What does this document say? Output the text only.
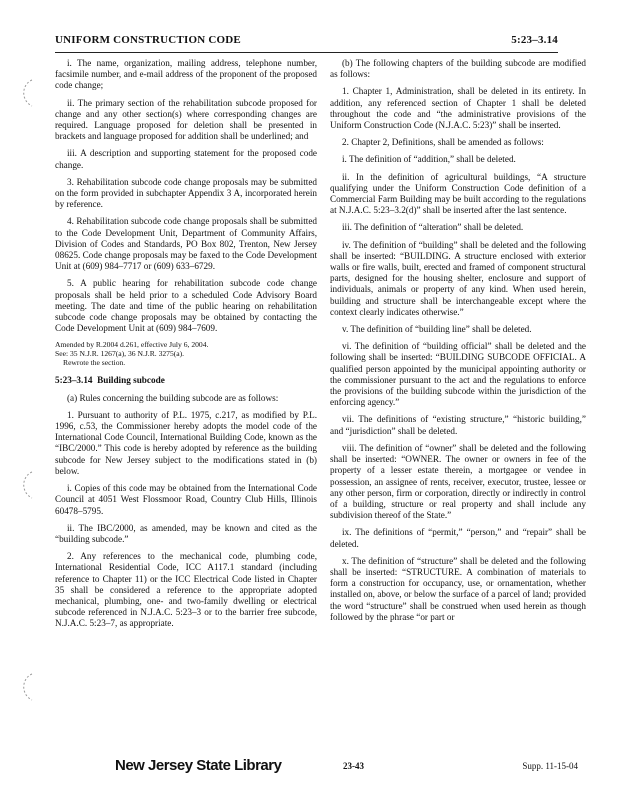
UNIFORM CONSTRUCTION CODE	5:23–3.14

i. The name, organization, mailing address, telephone number, facsimile number, and e-mail address of the proponent of the proposed code change;

ii. The primary section of the rehabilitation subcode proposed for change and any other section(s) where corresponding changes are required. Language proposed for deletion shall be presented in brackets and language proposed for addition shall be underlined; and

iii. A description and supporting statement for the proposed code change.

3. Rehabilitation subcode code change proposals may be submitted on the form provided in subchapter Appendix 3 A, incorporated herein by reference.

4. Rehabilitation subcode code change proposals shall be submitted to the Code Development Unit, Department of Community Affairs, Division of Codes and Standards, PO Box 802, Trenton, New Jersey 08625. Code change proposals may be faxed to the Code Development Unit at (609) 984–7717 or (609) 633–6729.

5. A public hearing for rehabilitation subcode code change proposals shall be held prior to a scheduled Code Advisory Board meeting. The date and time of the public hearing on rehabilitation subcode code change proposals may be obtained by contacting the Code Development Unit at (609) 984–7609.

Amended by R.2004 d.261, effective July 6, 2004.
See: 35 N.J.R. 1267(a), 36 N.J.R. 3275(a).

Rewrote the section.

5:23–3.14 Building subcode

(a) Rules concerning the building subcode are as follows:

1. Pursuant to authority of P.L. 1975, c.217, as modified by P.L. 1996, c.53, the Commissioner hereby adopts the model code of the International Code Council, International Building Code, known as the “IBC/2000.” This code is hereby adopted by reference as the building subcode for New Jersey subject to the modifications stated in (b) below.

i. Copies of this code may be obtained from the International Code Council at 4051 West Flossmoor Road, Country Club Hills, Illinois 60478–5795.

ii. The IBC/2000, as amended, may be known and cited as the “building subcode.”

2. Any references to the mechanical code, plumbing code, International Residential Code, ICC A117.1 standard (including reference to Chapter 11) or the ICC Electrical Code listed in Chapter 35 shall be considered a reference to the appropriate adopted mechanical, plumbing, one- and two-family dwelling or electrical subcode referenced in N.J.A.C. 5:23–3 or to the barrier free subcode, N.J.A.C. 5:23–7, as appropriate.

(b) The following chapters of the building subcode are modified as follows:

1. Chapter 1, Administration, shall be deleted in its entirety. In addition, any referenced section of Chapter 1 shall be deleted throughout the code and “the administrative provisions of the Uniform Construction Code (N.J.A.C. 5:23)” shall be inserted.

2. Chapter 2, Definitions, shall be amended as follows:

i. The definition of “addition,” shall be deleted.

ii. In the definition of agricultural buildings, “A structure qualifying under the Uniform Construction Code definition of a Commercial Farm Building may be built according to the regulations at N.J.A.C. 5:23–3.2(d)” shall be inserted after the last sentence.

iii. The definition of “alteration” shall be deleted.

iv. The definition of “building” shall be deleted and the following shall be inserted: “BUILDING. A structure enclosed with exterior walls or fire walls, built, erected and framed of component structural parts, designed for the housing shelter, enclosure and support of individuals, animals or property of any kind. When used herein, building and structure shall be interchangeable except where the context clearly indicates otherwise.”

v. The definition of “building line” shall be deleted.

vi. The definition of “building official” shall be deleted and the following shall be inserted: “BUILDING SUBCODE OFFICIAL. A qualified person appointed by the municipal appointing authority or the commissioner pursuant to the act and the regulations to enforce the provisions of the building subcode within the jurisdiction of the enforcing agency.”

vii. The definitions of “existing structure,” “historic building,” and “jurisdiction” shall be deleted.

viii. The definition of “owner” shall be deleted and the following shall be inserted: “OWNER. The owner or owners in fee of the property of a lesser estate therein, a mortgagee or vendee in possession, an assignee of rents, receiver, executor, trustee, lessee or any other person, firm or corporation, directly or indirectly in control of a building, structure or real property and shall include any subdivision thereof of the State.”

ix. The definitions of “permit,” “person,” and “repair” shall be deleted.

x. The definition of “structure” shall be deleted and the following shall be inserted: “STRUCTURE. A combination of materials to form a construction for occupancy, use, or ornamentation, whether installed on, above, or below the surface of a parcel of land; provided the word “structure” shall be construed when used herein as though followed by the phrase “or part or

New Jersey State Library	23-43	Supp. 11-15-04
